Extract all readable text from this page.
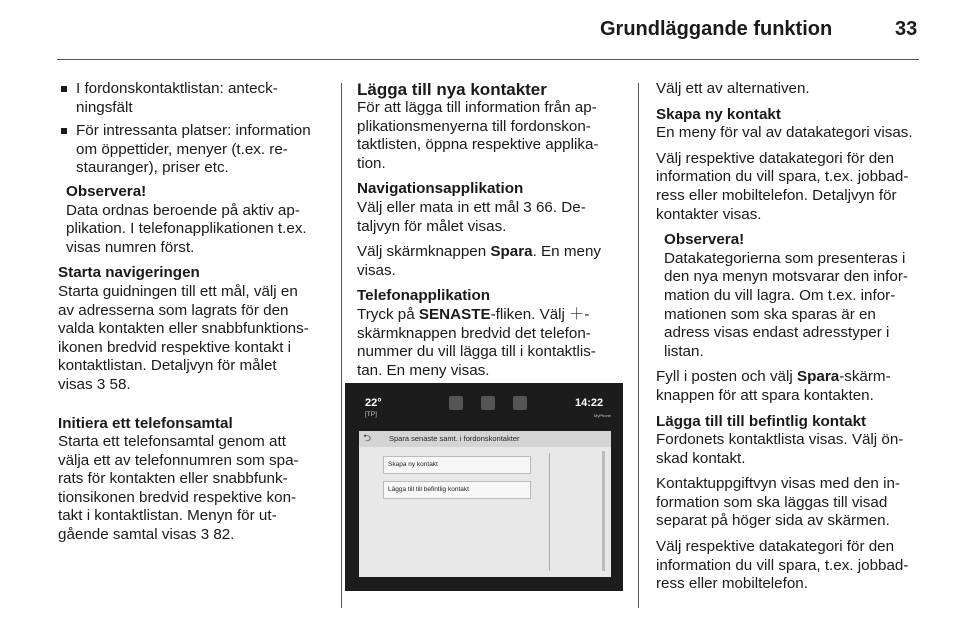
Grundläggande funktion	33
I fordonskontaktlistan: anteck-
ningsfält
För intressanta platser: information
om öppettider, menyer (t.ex. re-
stauranger), priser etc.
Observera!
Data ordnas beroende på aktiv ap-
plikation. I telefonapplikationen t.ex.
visas numren först.

Starta navigeringen
Starta guidningen till ett mål, välj en
av adresserna som lagrats för den
valda kontakten eller snabbfunktions-
ikonen bredvid respektive kontakt i
kontaktlistan. Detaljvyn för målet
visas 3 58.

Initiera ett telefonsamtal
Starta ett telefonsamtal genom att
välja ett av telefonnumren som spa-
rats för kontakten eller snabbfunk-
tionsikonen bredvid respektive kon-
takt i kontaktlistan. Menyn för ut-
gående samtal visas 3 82.

Lägga till nya kontakter

För att lägga till information från ap-
plikationsmenyerna till fordonskon-
taktlisten, öppna respektive applika-
tion.

Navigationsapplikation

Välj eller mata in ett mål 3 66. De-
taljvyn för målet visas.

Välj skärmknappen Spara. En meny
visas.

Telefonapplikation

Tryck på SENASTE-fliken. Välj ＋-
skärmknappen bredvid det telefon-
nummer du vill lägga till i kontaktlis-
tan. En meny visas.

22°
[TP]
14:22
MyPhone
⮌	Spara senaste samt. i fordonskontakter
Skapa ny kontakt
Lägga till till befintlig kontakt

Välj ett av alternativen.

Skapa ny kontakt

En meny för val av datakategori visas.

Välj respektive datakategori för den
information du vill spara, t.ex. jobbad-
ress eller mobiltelefon. Detaljvyn för
kontakter visas.

Observera!
Datakategorierna som presenteras i
den nya menyn motsvarar den infor-
mation du vill lagra. Om t.ex. infor-
mationen som ska sparas är en
adress visas endast adresstyper i
listan.

Fyll i posten och välj Spara-skärm-
knappen för att spara kontakten.

Lägga till till befintlig kontakt

Fordonets kontaktlista visas. Välj ön-
skad kontakt.

Kontaktuppgiftvyn visas med den in-
formation som ska läggas till visad
separat på höger sida av skärmen.

Välj respektive datakategori för den
information du vill spara, t.ex. jobbad-
ress eller mobiltelefon.
